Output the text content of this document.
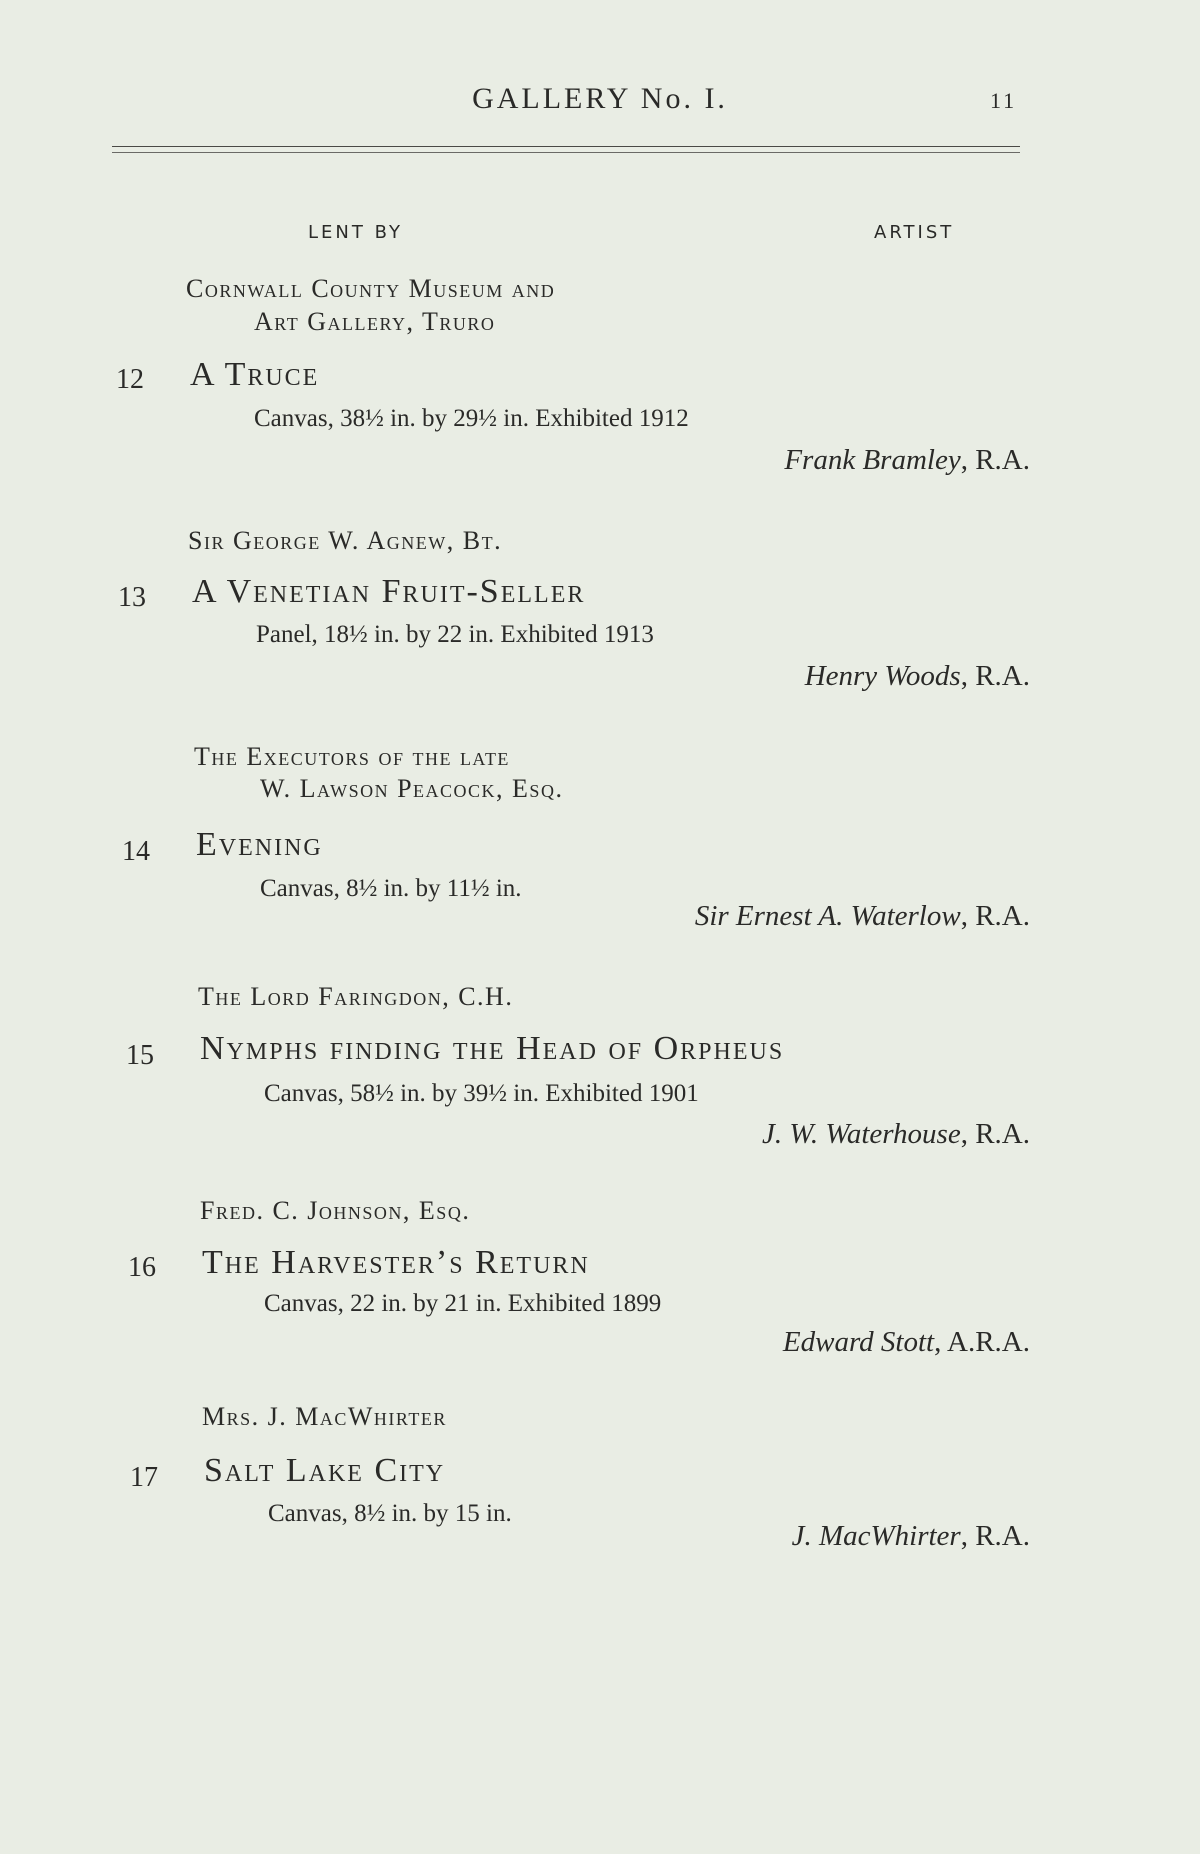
GALLERY No. I.	11
LENT BY	ARTIST
Cornwall County Museum and
Art Gallery, Truro
12 A Truce
Canvas, 38½ in. by 29½ in. Exhibited 1912
Frank Bramley, R.A.
Sir George W. Agnew, Bt.
13 A Venetian Fruit-Seller
Panel, 18½ in. by 22 in. Exhibited 1913
Henry Woods, R.A.
The Executors of the late
W. Lawson Peacock, Esq.
14 Evening
Canvas, 8½ in. by 11½ in.
Sir Ernest A. Waterlow, R.A.
The Lord Faringdon, C.H.
15 Nymphs finding the Head of Orpheus
Canvas, 58½ in. by 39½ in. Exhibited 1901
J. W. Waterhouse, R.A.
Fred. C. Johnson, Esq.
16 The Harvester’s Return
Canvas, 22 in. by 21 in. Exhibited 1899
Edward Stott, A.R.A.
Mrs. J. MacWhirter
17 Salt Lake City
Canvas, 8½ in. by 15 in.
J. MacWhirter, R.A.
